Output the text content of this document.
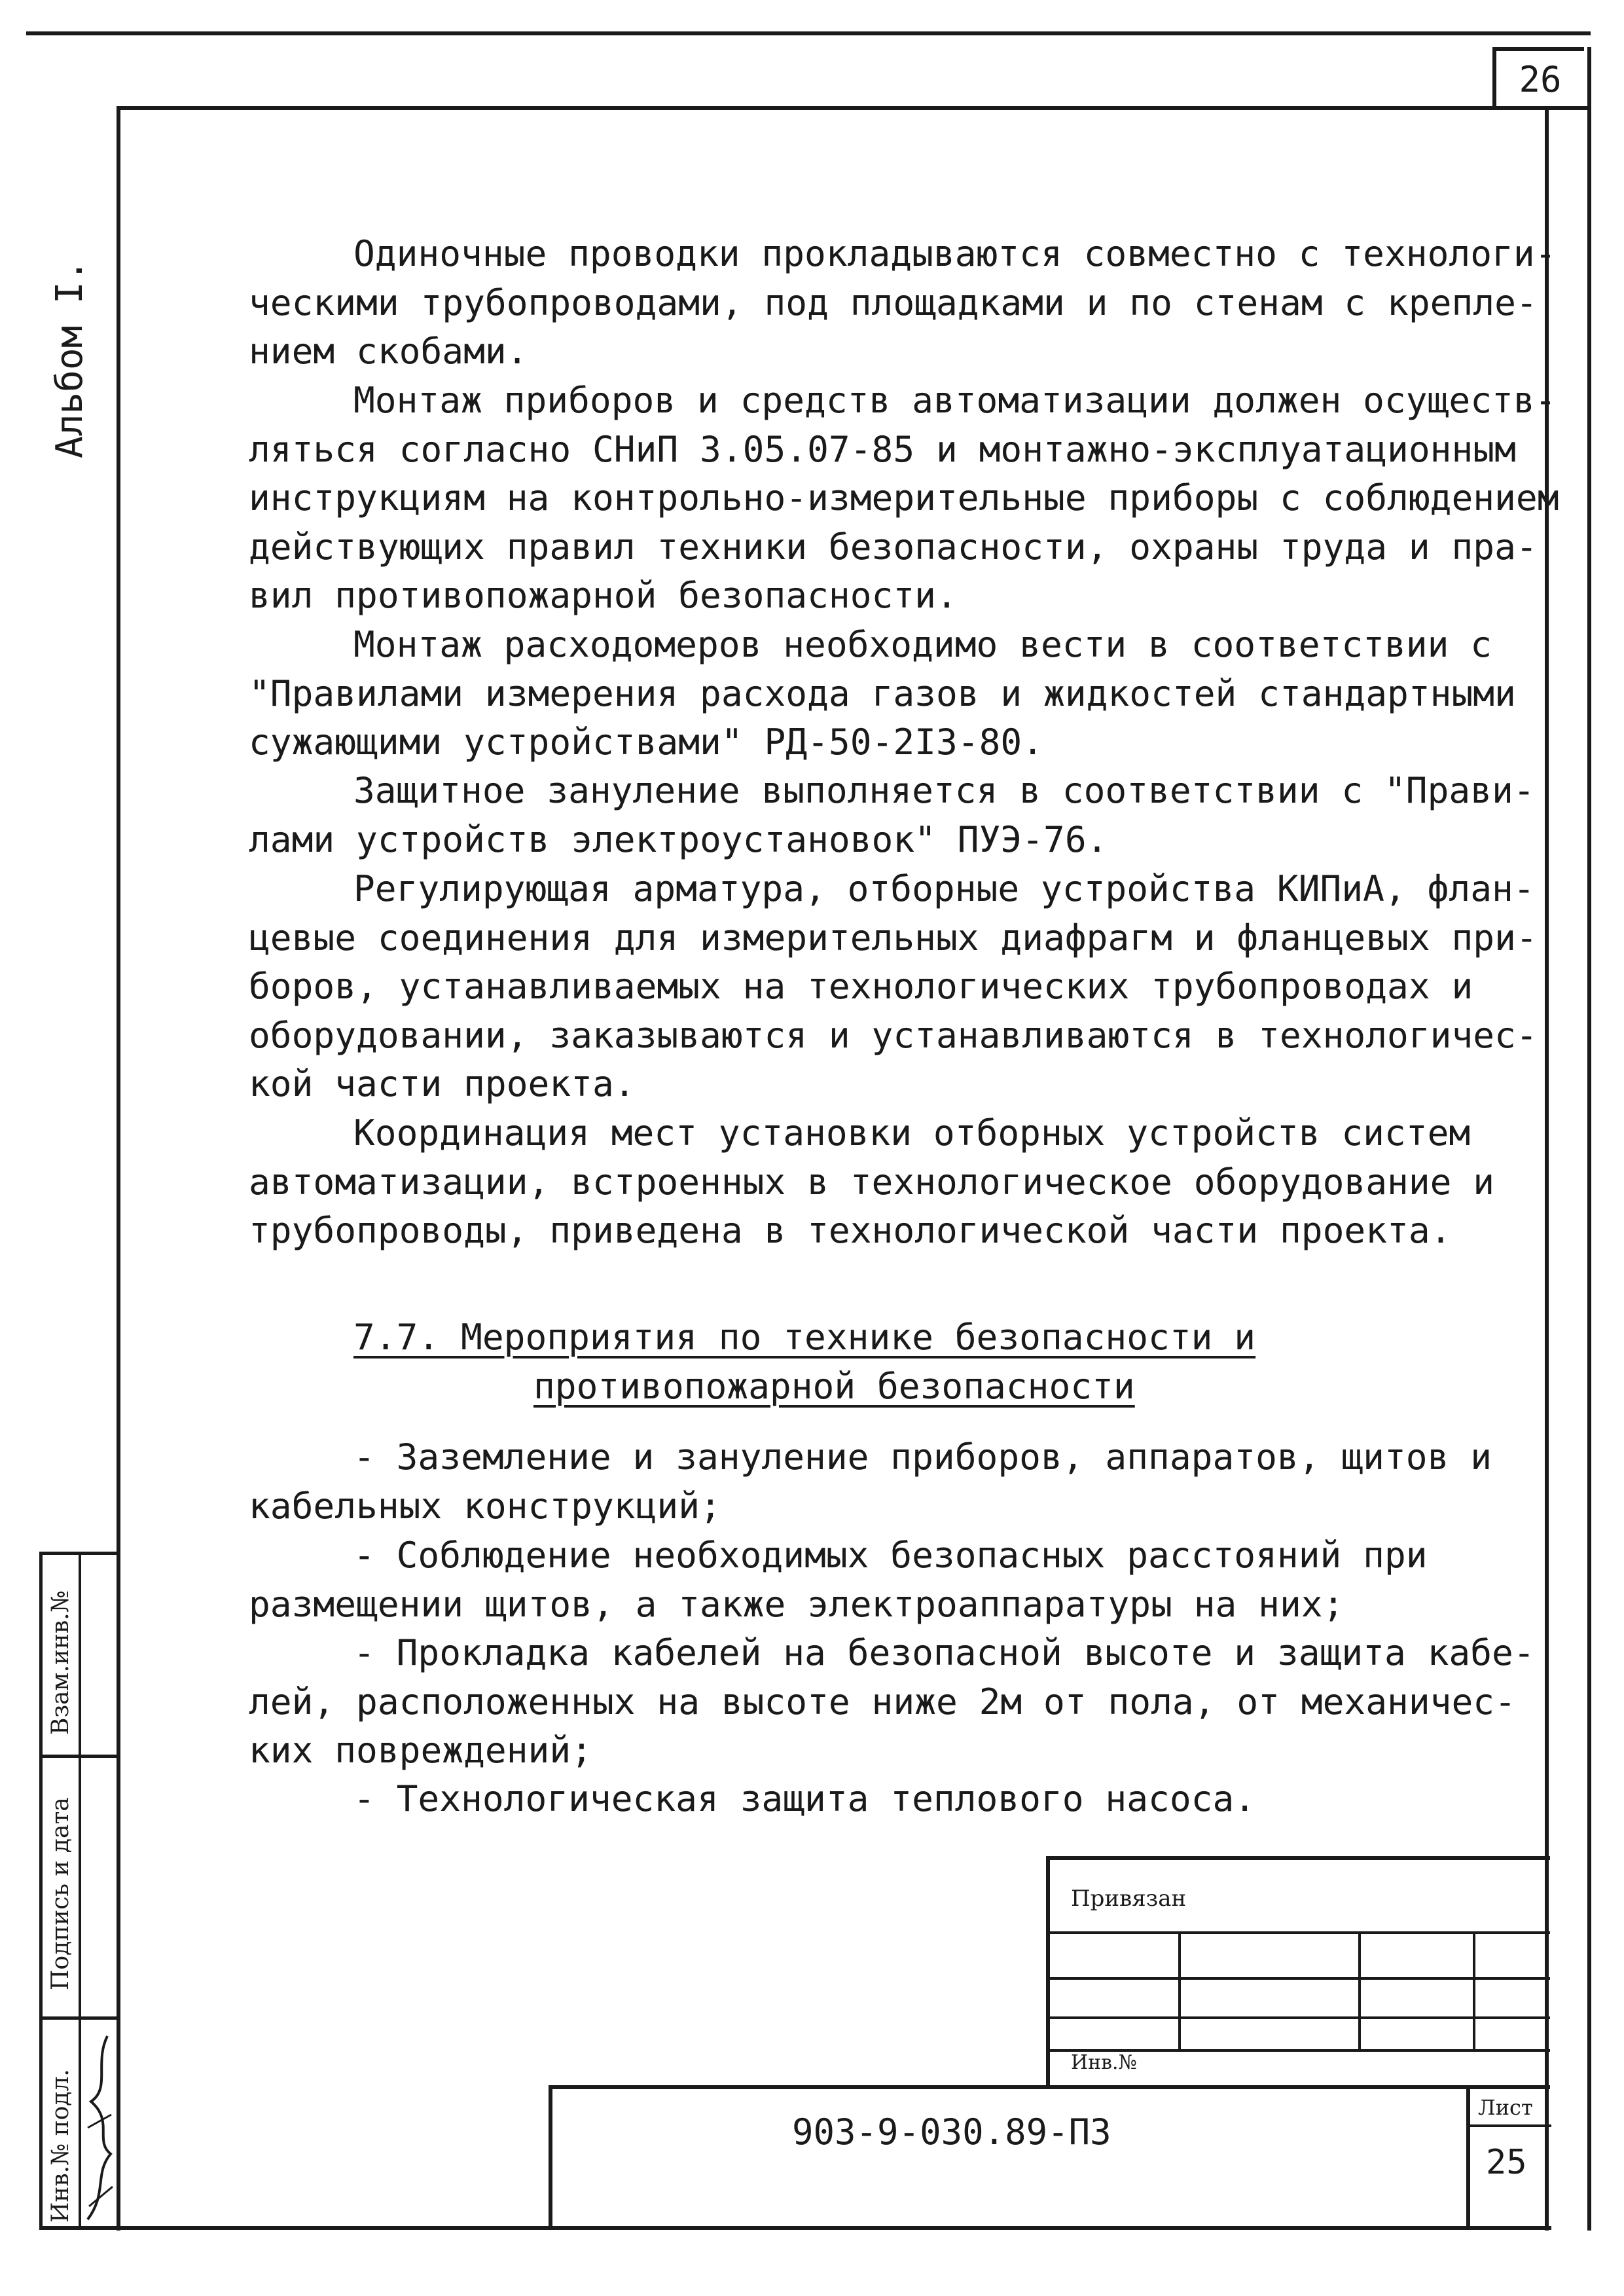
26
Альбом I.
Одиночные проводки прокладываются совместно с технологи-
ческими трубопроводами, под площадками и по стенам с крепле-
нием скобами.
Монтаж приборов и средств автоматизации должен осуществ-
ляться согласно СНиП 3.05.07-85 и монтажно-эксплуатационным
инструкциям на контрольно-измерительные приборы с соблюдением
действующих правил техники безопасности, охраны труда и пра-
вил противопожарной безопасности.
Монтаж расходомеров необходимо вести в соответствии с
"Правилами измерения расхода газов и жидкостей стандартными
сужающими устройствами" РД-50-2I3-80.
Защитное зануление выполняется в соответствии с "Прави-
лами устройств электроустановок" ПУЭ-76.
Регулирующая арматура, отборные устройства КИПиА, флан-
цевые соединения для измерительных диафрагм и фланцевых при-
боров, устанавливаемых на технологических трубопроводах и
оборудовании, заказываются и устанавливаются в технологичес-
кой части проекта.
Координация мест установки отборных устройств систем
автоматизации, встроенных в технологическое оборудование и
трубопроводы, приведена в технологической части проекта.
7.7. Мероприятия по технике безопасности и
противопожарной безопасности
- Заземление и зануление приборов, аппаратов, щитов и
кабельных конструкций;
- Соблюдение необходимых безопасных расстояний при
размещении щитов, а также электроаппаратуры на них;
- Прокладка кабелей на безопасной высоте и защита кабе-
лей, расположенных на высоте ниже 2м от пола, от механичес-
ких повреждений;
- Технологическая защита теплового насоса.
Привязан
Инв.№
903-9-030.89-ПЗ
Лист
25
Взам.инв.№
Подпись и дата
Инв.№ подл.
